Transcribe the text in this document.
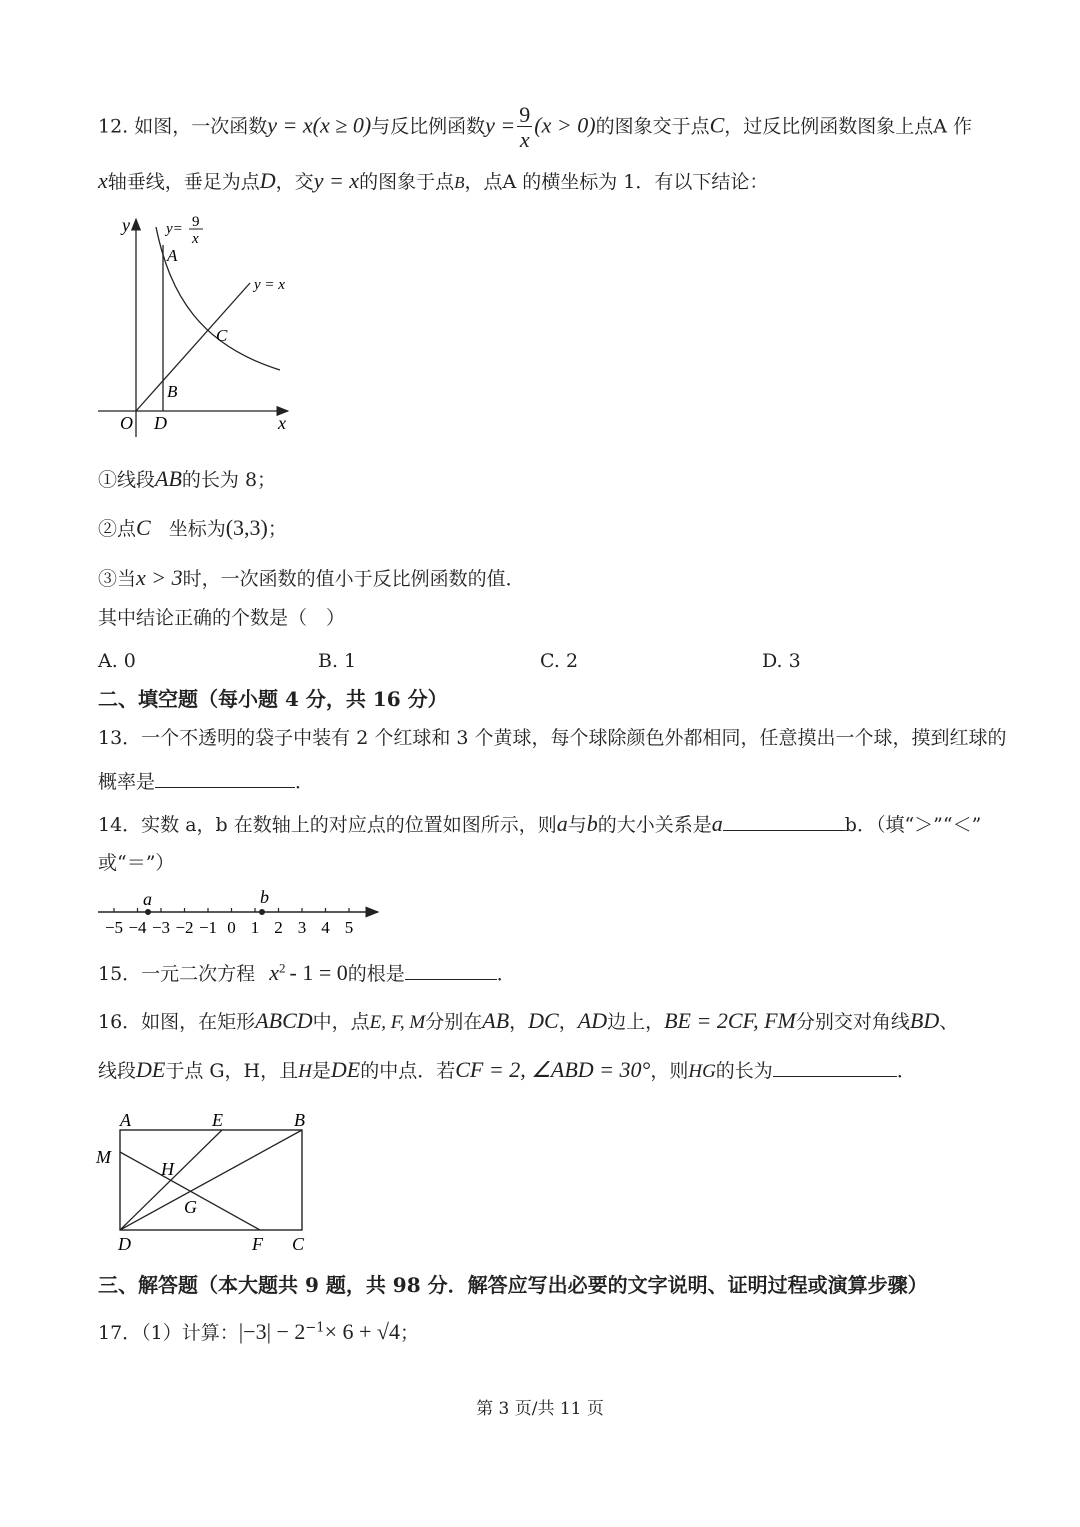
12. 如图，一次函数y = x(x ≥ 0)与反比例函数$y = \frac{9}{x} (x > 0)$的图象交于点C，过反比例函数图象上点A 作
x轴垂线，垂足为点D，交y = x的图象于点B，点A 的横坐标为 1．有以下结论：
y
x
O D
A
B
C
y= 9
x
y = x
①线段AB的长为 8；
②点C 坐标为(3,3)；
③当x > 3时，一次函数的值小于反比例函数的值．
其中结论正确的个数是（　）
A. 0	B. 1	C. 2	D. 3
二、填空题（每小题 4 分，共 16 分）
13．一个不透明的袋子中装有 2 个红球和 3 个黄球，每个球除颜色外都相同，任意摸出一个球，摸到红球的
概率是	．
14．实数 a，b 在数轴上的对应点的位置如图所示，则a与b的大小关系是a	b．（填“＞”“＜”
或“＝”）
−5 −4 −3 −2 −1 0 1 2 3 4 5
a	b
15．一元二次方程 $x^2 - 1 = 0$的根是	．
16．如图，在矩形ABCD中，点E, F, M分别在AB，DC，AD边上，BE = 2CF, FM分别交对角线BD、
线段DE于点 G，H，且H是DE的中点．若CF = 2, ∠ABD = 30°，则HG的长为	．
A	E	B
M
H
G
D	F C
三、解答题（本大题共 9 题，共 98 分．解答应写出必要的文字说明、证明过程或演算步骤）
17．（1）计算：$|-3| - 2^{-1}\times 6 + √4$；
第 3 页/共 11 页
